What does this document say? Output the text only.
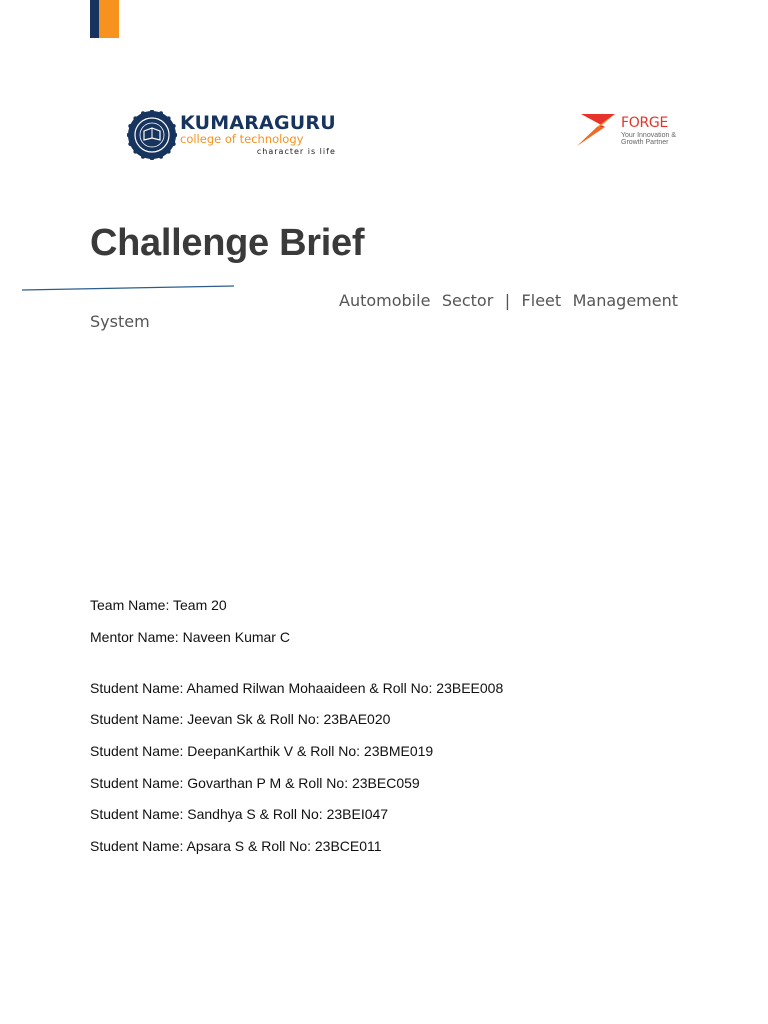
KUMARAGURU
college of technology
character is life
FORGE
Your Innovation & Growth Partner
Challenge Brief

Automobile Sector | Fleet Management System

Team Name: Team 20

Mentor Name: Naveen Kumar C

Student Name: Ahamed Rilwan Mohaaideen & Roll No: 23BEE008

Student Name: Jeevan Sk & Roll No: 23BAE020

Student Name: DeepanKarthik V & Roll No: 23BME019

Student Name: Govarthan P M & Roll No: 23BEC059

Student Name: Sandhya S & Roll No: 23BEI047

Student Name: Apsara S & Roll No: 23BCE011
